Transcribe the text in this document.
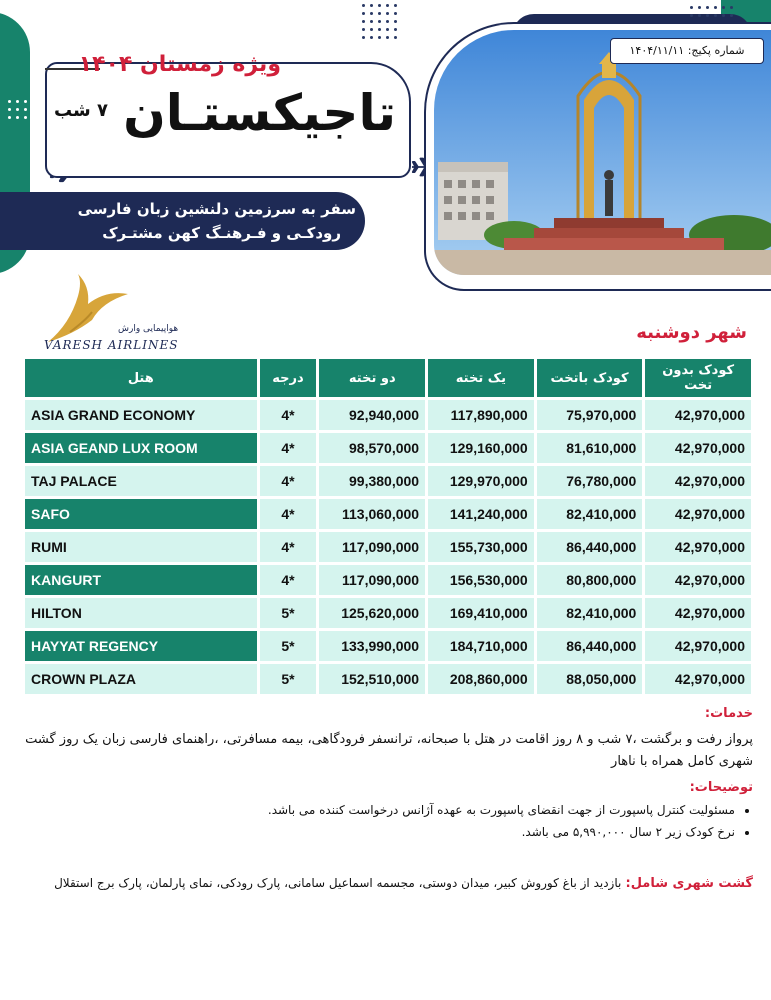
ویژه زمستان ۱۴۰۴
تاجیکستـان
۷ شب
سفر به سرزمین دلنشین زبان فارسی
رودکـی و فـرهنـگ کهن مشتـرک
شماره پکیج: ۱۴۰۴/۱۱/۱۱
هواپیمایی وارش
VARESH AIRLINES
شهر دوشنبه
هتل	درجه	دو تخته	یک تخته	کودک باتخت	کودک بدون تخت
ASIA GRAND ECONOMY	4*	92,940,000	117,890,000	75,970,000	42,970,000
ASIA GEAND LUX ROOM	4*	98,570,000	129,160,000	81,610,000	42,970,000
TAJ PALACE	4*	99,380,000	129,970,000	76,780,000	42,970,000
SAFO	4*	113,060,000	141,240,000	82,410,000	42,970,000
RUMI	4*	117,090,000	155,730,000	86,440,000	42,970,000
KANGURT	4*	117,090,000	156,530,000	80,800,000	42,970,000
HILTON	5*	125,620,000	169,410,000	82,410,000	42,970,000
HAYYAT REGENCY	5*	133,990,000	184,710,000	86,440,000	42,970,000
CROWN PLAZA	5*	152,510,000	208,860,000	88,050,000	42,970,000
خدمات:
پرواز رفت و برگشت ،۷ شب و ۸ روز اقامت در هتل با صبحانه، ترانسفر فرودگاهی، بیمه مسافرتی، ،راهنمای فارسی زبان یک روز گشت
شهری کامل همراه با ناهار
توضیحات:
• مسئولیت کنترل پاسپورت از جهت انقضای پاسپورت به عهده آژانس درخواست کننده می باشد.
• نرخ کودک زیر ۲ سال ۵,۹۹۰,۰۰۰ می باشد.
گشت شهری شامل: بازدید از باغ کوروش کبیر، میدان دوستی، مجسمه اسماعیل سامانی، پارک رودکی، نمای پارلمان، پارک برج استقلال
